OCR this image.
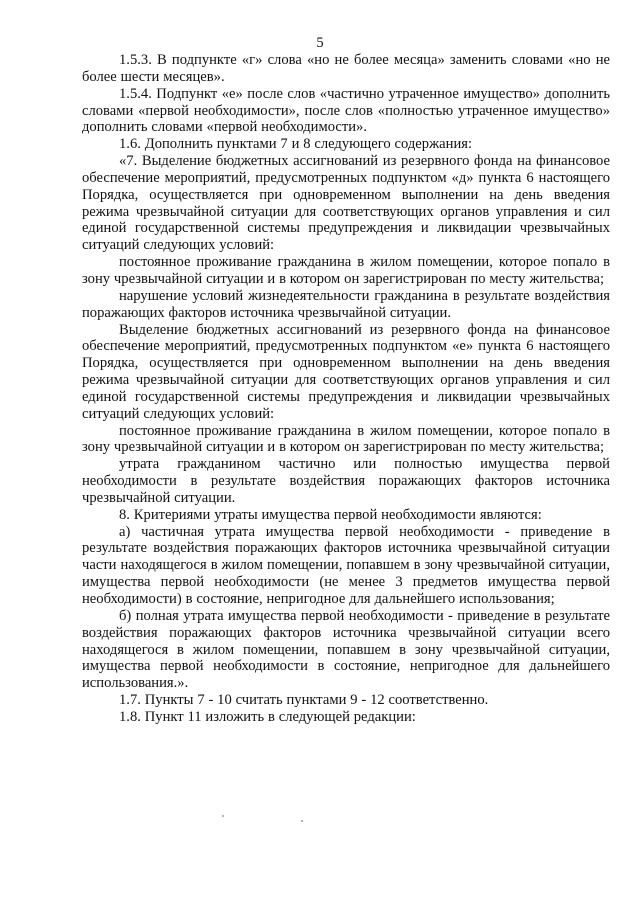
5

1.5.3. В подпункте «г» слова «но не более месяца» заменить словами «но не более шести месяцев».

1.5.4. Подпункт «е» после слов «частично утраченное имущество» дополнить словами «первой необходимости», после слов «полностью утраченное имущество» дополнить словами «первой необходимости».

1.6. Дополнить пунктами 7 и 8 следующего содержания:

«7. Выделение бюджетных ассигнований из резервного фонда на финансовое обеспечение мероприятий, предусмотренных подпунктом «д» пункта 6 настоящего Порядка, осуществляется при одновременном выполнении на день введения режима чрезвычайной ситуации для соответствующих органов управления и сил единой государственной системы предупреждения и ликвидации чрезвычайных ситуаций следующих условий:

постоянное проживание гражданина в жилом помещении, которое попало в зону чрезвычайной ситуации и в котором он зарегистрирован по месту жительства;

нарушение условий жизнедеятельности гражданина в результате воздействия поражающих факторов источника чрезвычайной ситуации.

Выделение бюджетных ассигнований из резервного фонда на финансовое обеспечение мероприятий, предусмотренных подпунктом «е» пункта 6 настоящего Порядка, осуществляется при одновременном выполнении на день введения режима чрезвычайной ситуации для соответствующих органов управления и сил единой государственной системы предупреждения и ликвидации чрезвычайных ситуаций следующих условий:

постоянное проживание гражданина в жилом помещении, которое попало в зону чрезвычайной ситуации и в котором он зарегистрирован по месту жительства;

утрата гражданином частично или полностью имущества первой необходимости в результате воздействия поражающих факторов источника чрезвычайной ситуации.

8. Критериями утраты имущества первой необходимости являются:

а) частичная утрата имущества первой необходимости - приведение в результате воздействия поражающих факторов источника чрезвычайной ситуации части находящегося в жилом помещении, попавшем в зону чрезвычайной ситуации, имущества первой необходимости (не менее 3 предметов имущества первой необходимости) в состояние, непригодное для дальнейшего использования;

б) полная утрата имущества первой необходимости - приведение в результате воздействия поражающих факторов источника чрезвычайной ситуации всего находящегося в жилом помещении, попавшем в зону чрезвычайной ситуации, имущества первой необходимости в состояние, непригодное для дальнейшего использования.».

1.7. Пункты 7 - 10 считать пунктами 9 - 12 соответственно.

1.8. Пункт 11 изложить в следующей редакции:
